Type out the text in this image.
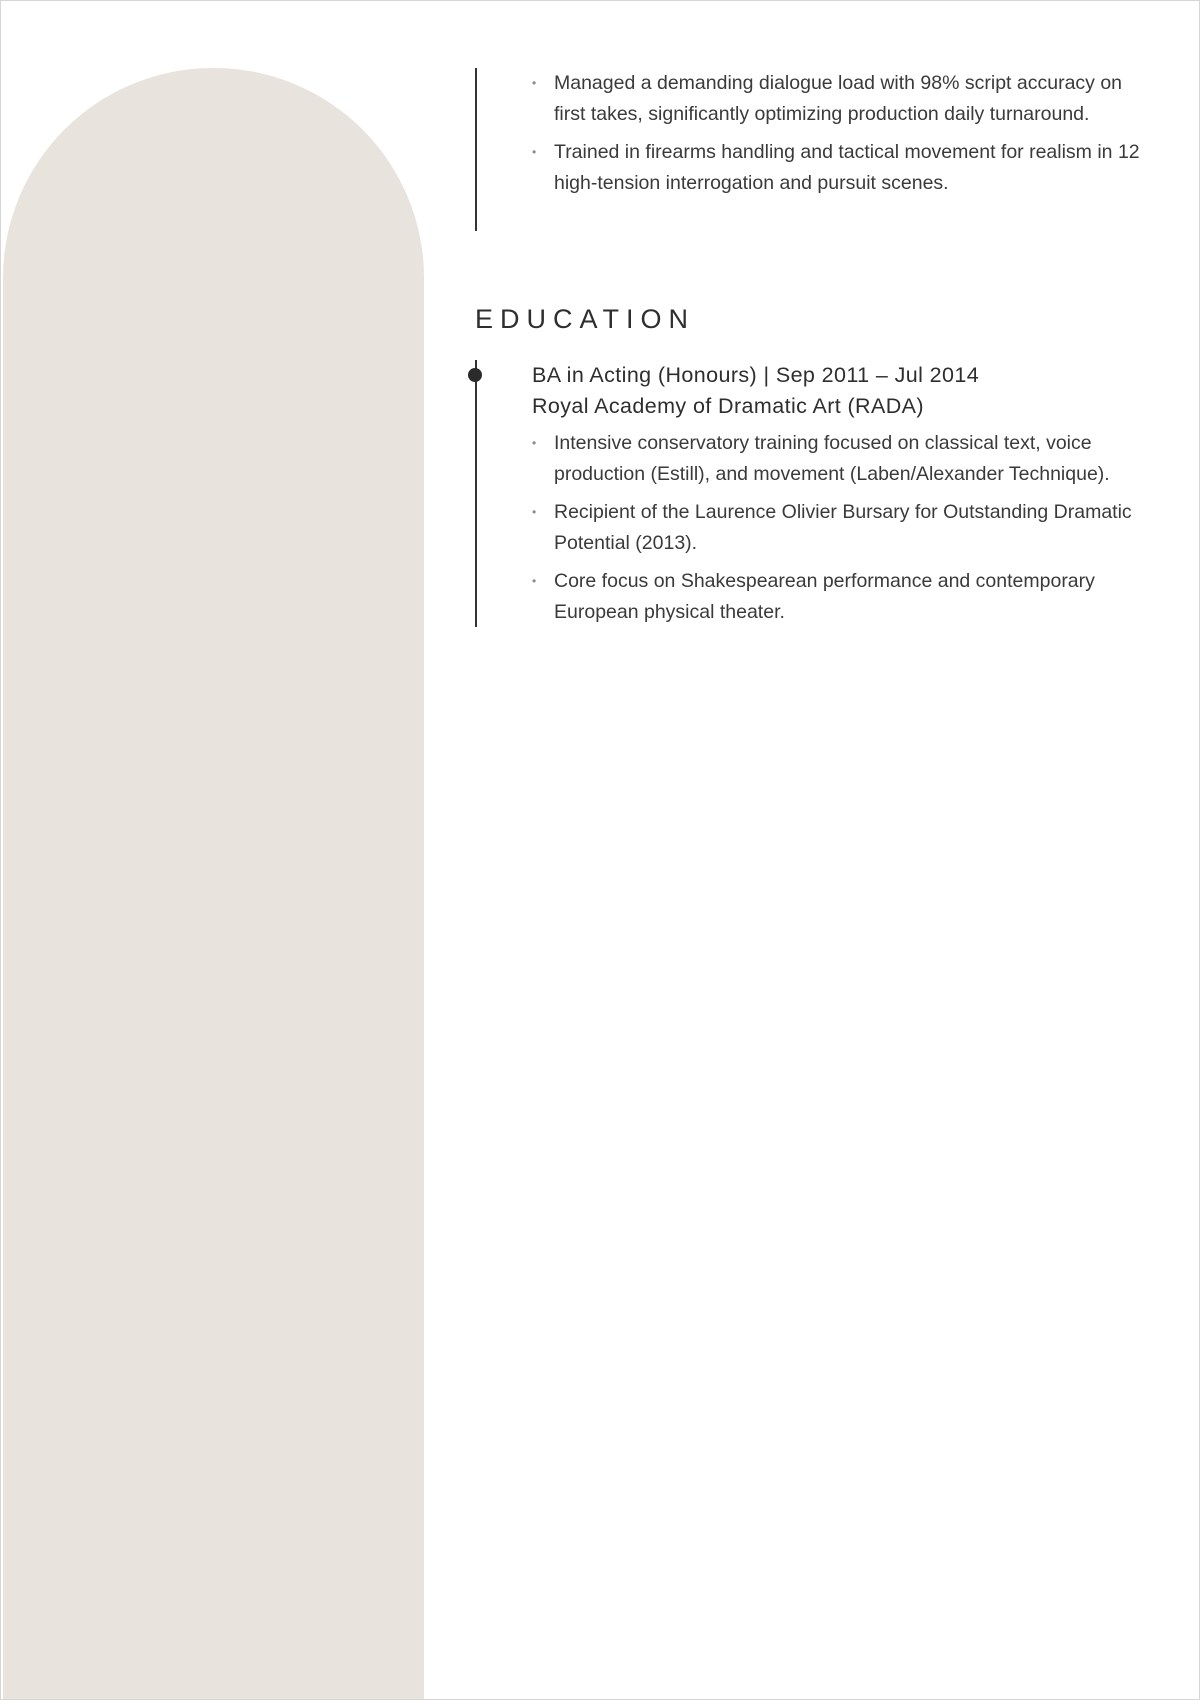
• Managed a demanding dialogue load with 98% script accuracy on first takes, significantly optimizing production daily turnaround.
• Trained in firearms handling and tactical movement for realism in 12 high-tension interrogation and pursuit scenes.
EDUCATION
BA in Acting (Honours) | Sep 2011 – Jul 2014
Royal Academy of Dramatic Art (RADA)
• Intensive conservatory training focused on classical text, voice production (Estill), and movement (Laben/Alexander Technique).
• Recipient of the Laurence Olivier Bursary for Outstanding Dramatic Potential (2013).
• Core focus on Shakespearean performance and contemporary European physical theater.
